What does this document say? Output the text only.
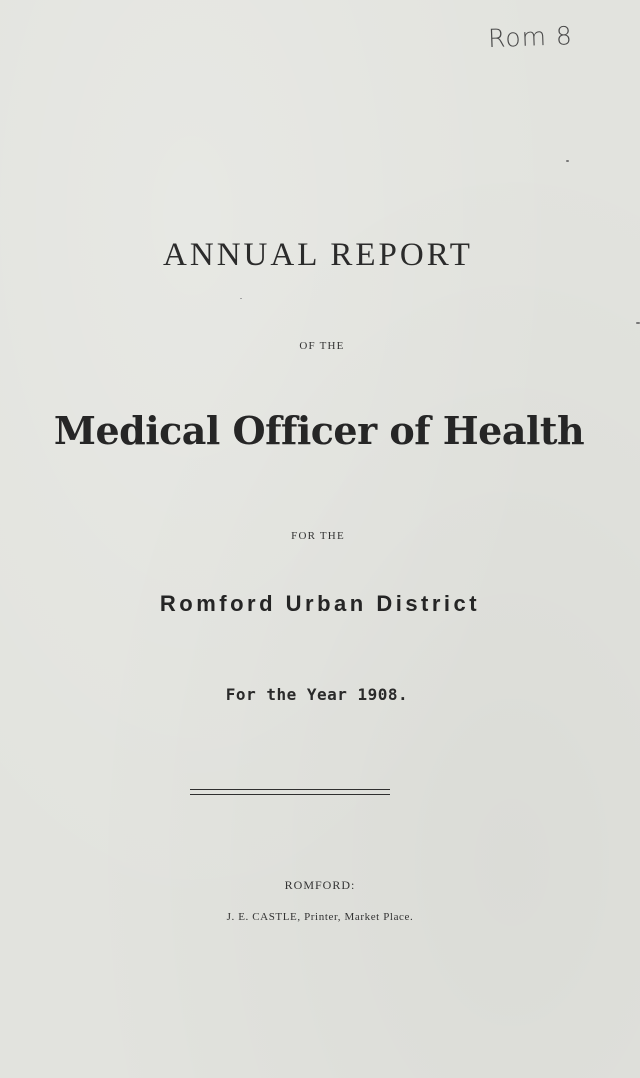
Rom 8
ANNUAL REPORT
OF THE
Medical Officer of Health
FOR THE
Romford Urban District
For the Year 1908.
ROMFORD:
J. E. CASTLE, Printer, Market Place.
